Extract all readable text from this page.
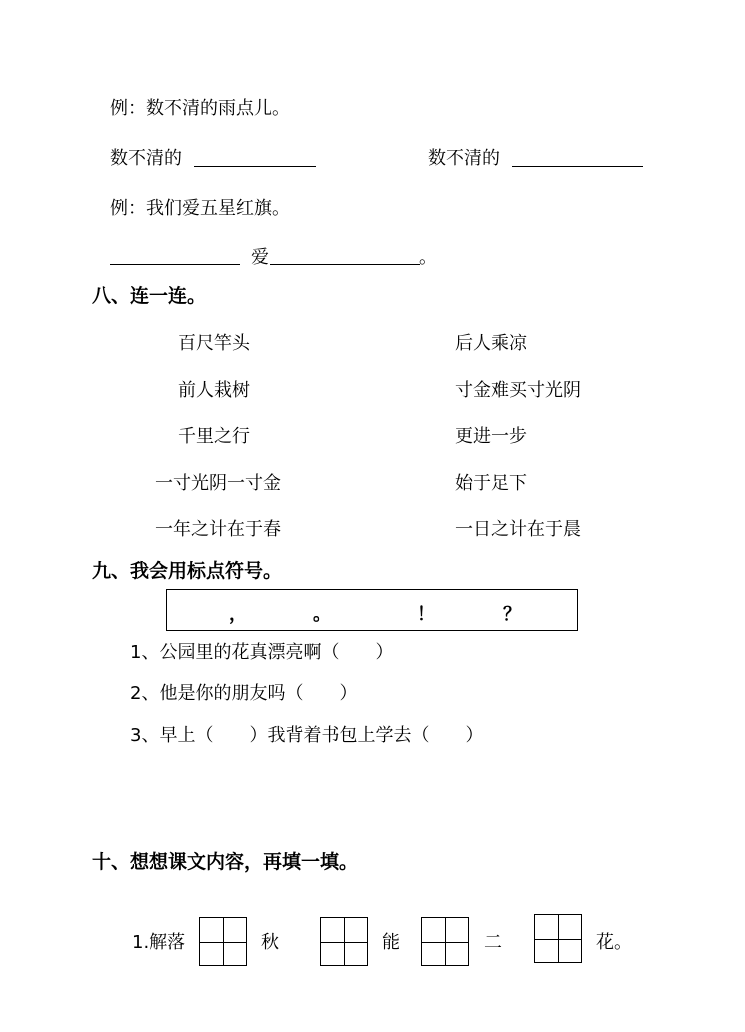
例：数不清的雨点儿。
数不清的	数不清的
例：我们爱五星红旗。
爱	。
八、连一连。
百尺竿头
前人栽树
千里之行
一寸光阴一寸金
一年之计在于春
后人乘凉
寸金难买寸光阴
更进一步
始于足下
一日之计在于晨
九、我会用标点符号。
，	。	！	？
1、公园里的花真漂亮啊（　　）
2、他是你的朋友吗（　　）
3、早上（　　）我背着书包上学去（　　）
十、想想课文内容，再填一填。
1.解落	秋	能	二	花。
